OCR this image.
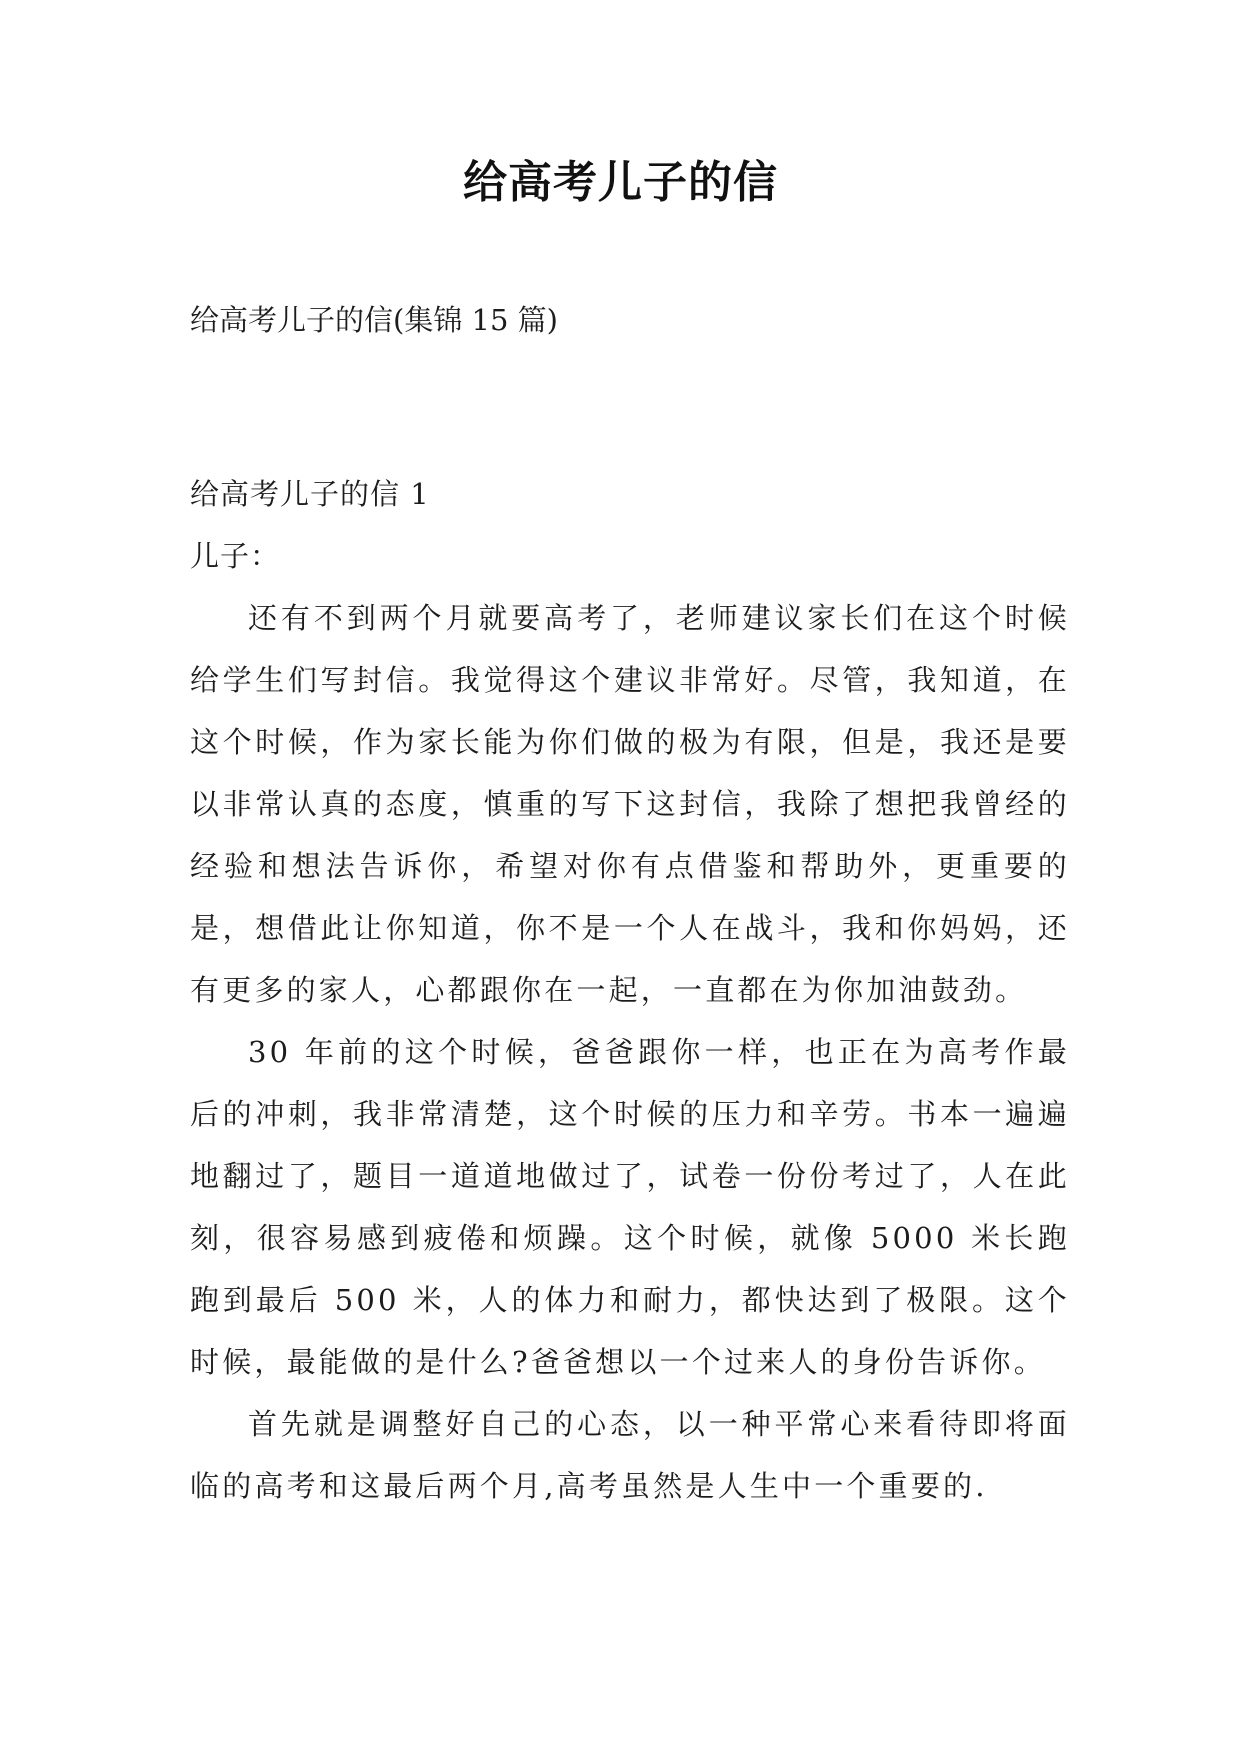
给高考儿子的信

给高考儿子的信(集锦 15 篇)

给高考儿子的信 1

儿子：

还有不到两个月就要高考了，老师建议家长们在这个时候给学生们写封信。我觉得这个建议非常好。尽管，我知道，在这个时候，作为家长能为你们做的极为有限，但是，我还是要以非常认真的态度，慎重的写下这封信，我除了想把我曾经的经验和想法告诉你，希望对你有点借鉴和帮助外，更重要的是，想借此让你知道，你不是一个人在战斗，我和你妈妈，还有更多的家人，心都跟你在一起，一直都在为你加油鼓劲。

30 年前的这个时候，爸爸跟你一样，也正在为高考作最后的冲刺，我非常清楚，这个时候的压力和辛劳。书本一遍遍地翻过了，题目一道道地做过了，试卷一份份考过了，人在此刻，很容易感到疲倦和烦躁。这个时候，就像 5000 米长跑跑到最后 500 米，人的体力和耐力，都快达到了极限。这个时候，最能做的是什么?爸爸想以一个过来人的身份告诉你。

首先就是调整好自己的心态，以一种平常心来看待即将面临的高考和这最后两个月,高考虽然是人生中一个重要的.
